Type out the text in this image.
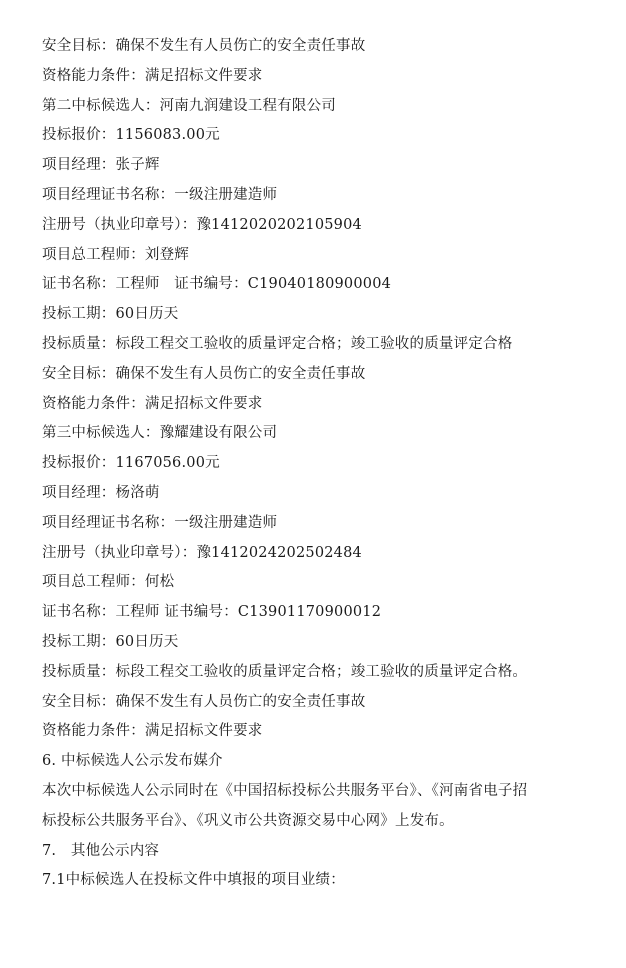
安全目标：确保不发生有人员伤亡的安全责任事故
资格能力条件：满足招标文件要求
第二中标候选人：河南九润建设工程有限公司
投标报价：1156083.00元
项目经理：张子辉
项目经理证书名称：一级注册建造师
注册号（执业印章号）：豫1412020202105904
项目总工程师：刘登辉
证书名称：工程师　证书编号：C19040180900004
投标工期：60日历天
投标质量：标段工程交工验收的质量评定合格；竣工验收的质量评定合格
安全目标：确保不发生有人员伤亡的安全责任事故
资格能力条件：满足招标文件要求
第三中标候选人：豫耀建设有限公司
投标报价：1167056.00元
项目经理：杨洛萌
项目经理证书名称：一级注册建造师
注册号（执业印章号）：豫1412024202502484
项目总工程师：何松
证书名称：工程师 证书编号：C13901170900012
投标工期：60日历天
投标质量：标段工程交工验收的质量评定合格；竣工验收的质量评定合格。
安全目标：确保不发生有人员伤亡的安全责任事故
资格能力条件：满足招标文件要求
6. 中标候选人公示发布媒介
本次中标候选人公示同时在《中国招标投标公共服务平台》、《河南省电子招
标投标公共服务平台》、《巩义市公共资源交易中心网》上发布。
7.　其他公示内容
7.1中标候选人在投标文件中填报的项目业绩：
